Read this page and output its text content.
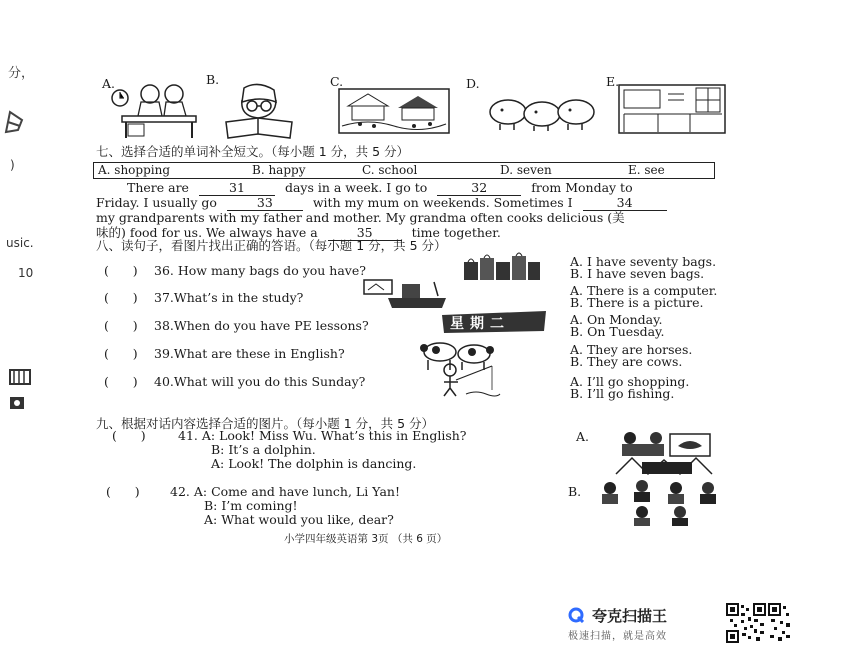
分，
)
usic.
10
A.	B.	C.	D.	E.
七、选择合适的单词补全短文。（每小题 1 分，共 5 分）
A. shopping	B. happy	C. school	D. seven	E. see
There are	31	days in a week. I go to	32	from Monday to
Friday. I usually go	33	with my mum on weekends. Sometimes I	34
my grandparents with my father and mother. My grandma often cooks delicious (美
味的) food for us. We always have a	35	time together.
八、读句子，看图片找出正确的答语。（每小题 1 分，共 5 分）
(      ) 36. How many bags do you have?
A. I have seventy bags.
B. I have seven bags.
(      ) 37.What’s in the study?	A. There is a computer.
B. There is a picture.
(      ) 38.When do you have PE lessons?	A. On Monday.
B. On Tuesday.
星期二
(      ) 39.What are these in English?	A. They are horses.
B. They are cows.
(      ) 40.What will you do this Sunday?	A. I’ll go shopping.
B. I’ll go fishing.
九、根据对话内容选择合适的图片。（每小题 1 分，共 5 分）
(      )	41. A: Look! Miss Wu. What’s this in English?
B: It’s a dolphin.
A: Look! The dolphin is dancing.
A.
(      ) 42. A: Come and have lunch, Li Yan!
B: I’m coming!
A: What would you like, dear?
B.
小学四年级英语第 3页 （共 6 页）
夸克扫描王
极速扫描，就是高效
